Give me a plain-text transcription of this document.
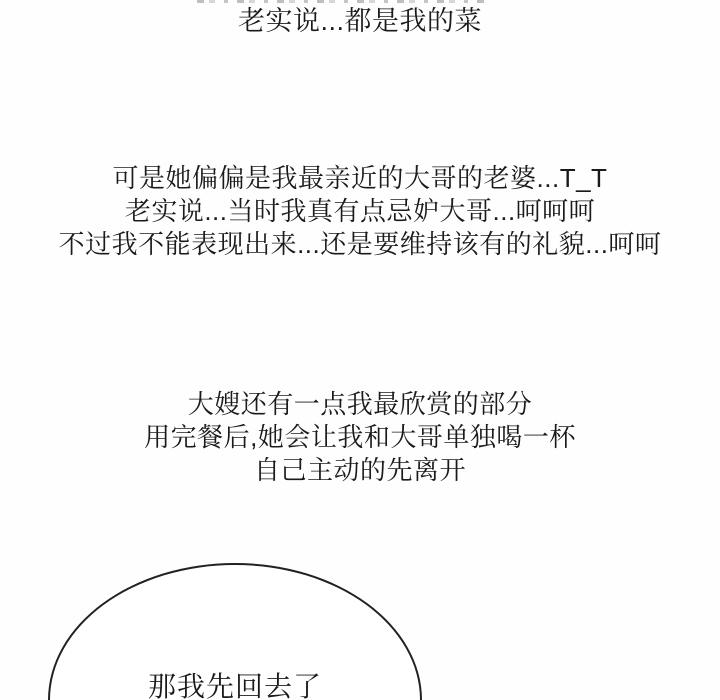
老实说...都是我的菜
可是她偏偏是我最亲近的大哥的老婆...T_T
老实说...当时我真有点忌妒大哥...呵呵呵
不过我不能表现出来...还是要维持该有的礼貌...呵呵
大嫂还有一点我最欣赏的部分
用完餐后,她会让我和大哥单独喝一杯
自己主动的先离开
那我先回去了
